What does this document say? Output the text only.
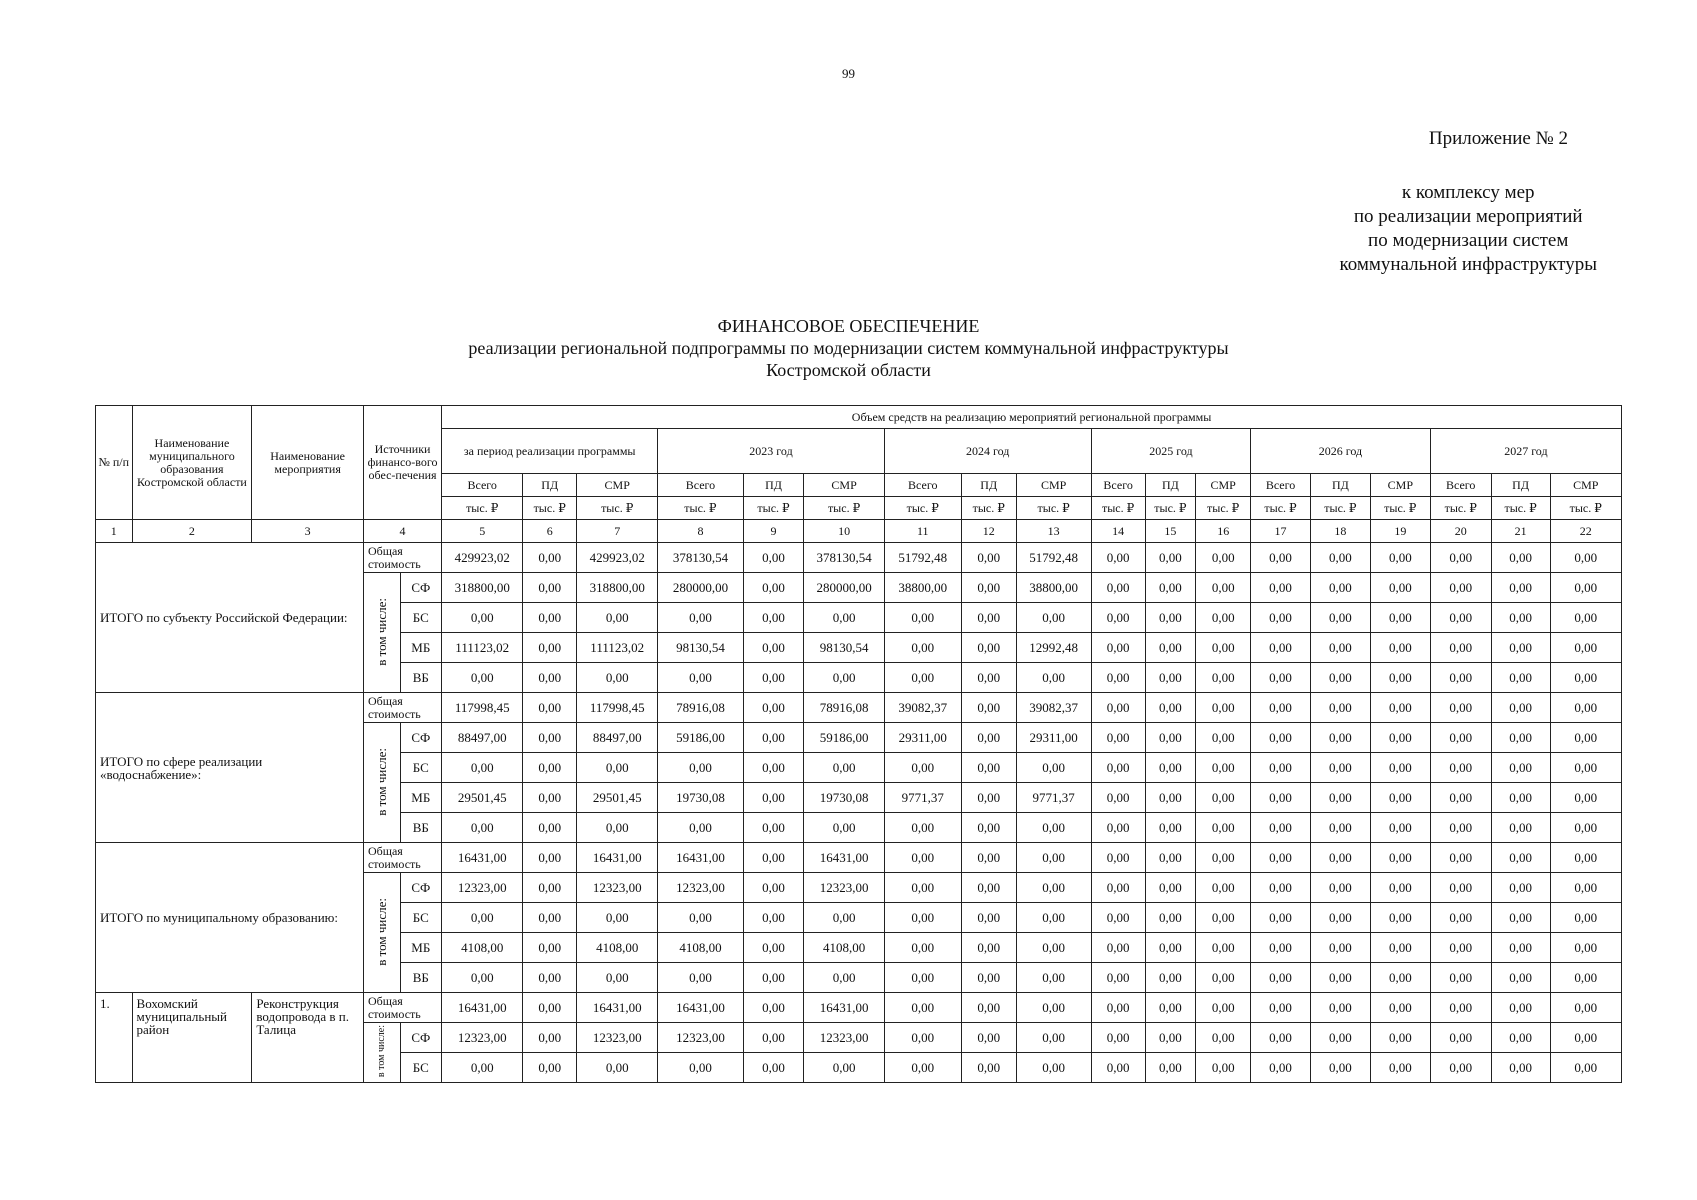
99
Приложение № 2
к комплексу мер
по реализации мероприятий
по модернизации систем
коммунальной инфраструктуры
ФИНАНСОВОЕ ОБЕСПЕЧЕНИЕ
реализации региональной подпрограммы по модернизации систем коммунальной инфраструктуры
Костромской области
№ п/п	Наименование муниципального образования Костромской области	Наименование мероприятия	Источники финансо-вого обес-печения		Объем средств на реализацию мероприятий региональной программы																	
					за период реализации программы			2023 год			2024 год			2025 год			2026 год			2027 год		
					Всего	ПД	СМР	Всего	ПД	СМР	Всего	ПД	СМР	Всего	ПД	СМР	Всего	ПД	СМР	Всего	ПД	СМР
					тыс. ₽	тыс. ₽	тыс. ₽	тыс. ₽	тыс. ₽	тыс. ₽	тыс. ₽	тыс. ₽	тыс. ₽	тыс. ₽	тыс. ₽	тыс. ₽	тыс. ₽	тыс. ₽	тыс. ₽	тыс. ₽	тыс. ₽	тыс. ₽
1	2	3	4		5	6	7	8	9	10	11	12	13	14	15	16	17	18	19	20	21	22
ИТОГО по субъекту Российской Федерации:			Общая стоимость		429923,02	0,00	429923,02	378130,54	0,00	378130,54	51792,48	0,00	51792,48	0,00	0,00	0,00	0,00	0,00	0,00	0,00	0,00	0,00
			в том числе:	СФ	318800,00	0,00	318800,00	280000,00	0,00	280000,00	38800,00	0,00	38800,00	0,00	0,00	0,00	0,00	0,00	0,00	0,00	0,00	0,00
				БС	0,00	0,00	0,00	0,00	0,00	0,00	0,00	0,00	0,00	0,00	0,00	0,00	0,00	0,00	0,00	0,00	0,00	0,00
				МБ	111123,02	0,00	111123,02	98130,54	0,00	98130,54	0,00	0,00	12992,48	0,00	0,00	0,00	0,00	0,00	0,00	0,00	0,00	0,00
				ВБ	0,00	0,00	0,00	0,00	0,00	0,00	0,00	0,00	0,00	0,00	0,00	0,00	0,00	0,00	0,00	0,00	0,00	0,00
ИТОГО по сфере реализации «водоснабжение»:			Общая стоимость		117998,45	0,00	117998,45	78916,08	0,00	78916,08	39082,37	0,00	39082,37	0,00	0,00	0,00	0,00	0,00	0,00	0,00	0,00	0,00
			в том числе:	СФ	88497,00	0,00	88497,00	59186,00	0,00	59186,00	29311,00	0,00	29311,00	0,00	0,00	0,00	0,00	0,00	0,00	0,00	0,00	0,00
				БС	0,00	0,00	0,00	0,00	0,00	0,00	0,00	0,00	0,00	0,00	0,00	0,00	0,00	0,00	0,00	0,00	0,00	0,00
				МБ	29501,45	0,00	29501,45	19730,08	0,00	19730,08	9771,37	0,00	9771,37	0,00	0,00	0,00	0,00	0,00	0,00	0,00	0,00	0,00
				ВБ	0,00	0,00	0,00	0,00	0,00	0,00	0,00	0,00	0,00	0,00	0,00	0,00	0,00	0,00	0,00	0,00	0,00	0,00
ИТОГО по муниципальному образованию:			Общая стоимость		16431,00	0,00	16431,00	16431,00	0,00	16431,00	0,00	0,00	0,00	0,00	0,00	0,00	0,00	0,00	0,00	0,00	0,00	0,00
			в том числе:	СФ	12323,00	0,00	12323,00	12323,00	0,00	12323,00	0,00	0,00	0,00	0,00	0,00	0,00	0,00	0,00	0,00	0,00	0,00	0,00
				БС	0,00	0,00	0,00	0,00	0,00	0,00	0,00	0,00	0,00	0,00	0,00	0,00	0,00	0,00	0,00	0,00	0,00	0,00
				МБ	4108,00	0,00	4108,00	4108,00	0,00	4108,00	0,00	0,00	0,00	0,00	0,00	0,00	0,00	0,00	0,00	0,00	0,00	0,00
				ВБ	0,00	0,00	0,00	0,00	0,00	0,00	0,00	0,00	0,00	0,00	0,00	0,00	0,00	0,00	0,00	0,00	0,00	0,00
1.	Вохомский муниципальный район	Реконструкция водопровода в п. Талица	Общая стоимость		16431,00	0,00	16431,00	16431,00	0,00	16431,00	0,00	0,00	0,00	0,00	0,00	0,00	0,00	0,00	0,00	0,00	0,00	0,00
			в том числе:	СФ	12323,00	0,00	12323,00	12323,00	0,00	12323,00	0,00	0,00	0,00	0,00	0,00	0,00	0,00	0,00	0,00	0,00	0,00	0,00
				БС	0,00	0,00	0,00	0,00	0,00	0,00	0,00	0,00	0,00	0,00	0,00	0,00	0,00	0,00	0,00	0,00	0,00	0,00
